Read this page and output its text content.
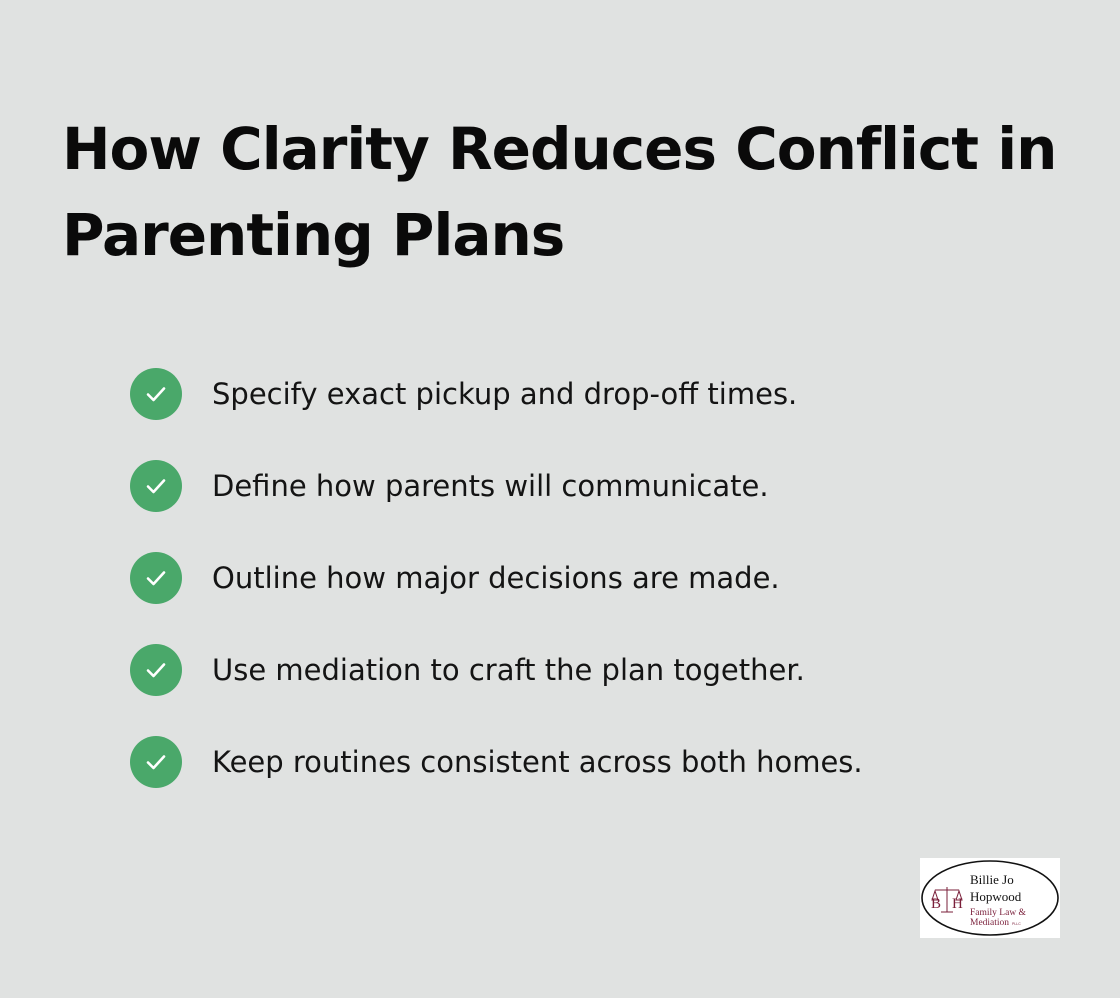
How Clarity Reduces Conflict in Parenting Plans
Specify exact pickup and drop-off times.
Define how parents will communicate.
Outline how major decisions are made.
Use mediation to craft the plan together.
Keep routines consistent across both homes.
B H
Billie Jo
Hopwood
Family Law &
Mediation PLLC
